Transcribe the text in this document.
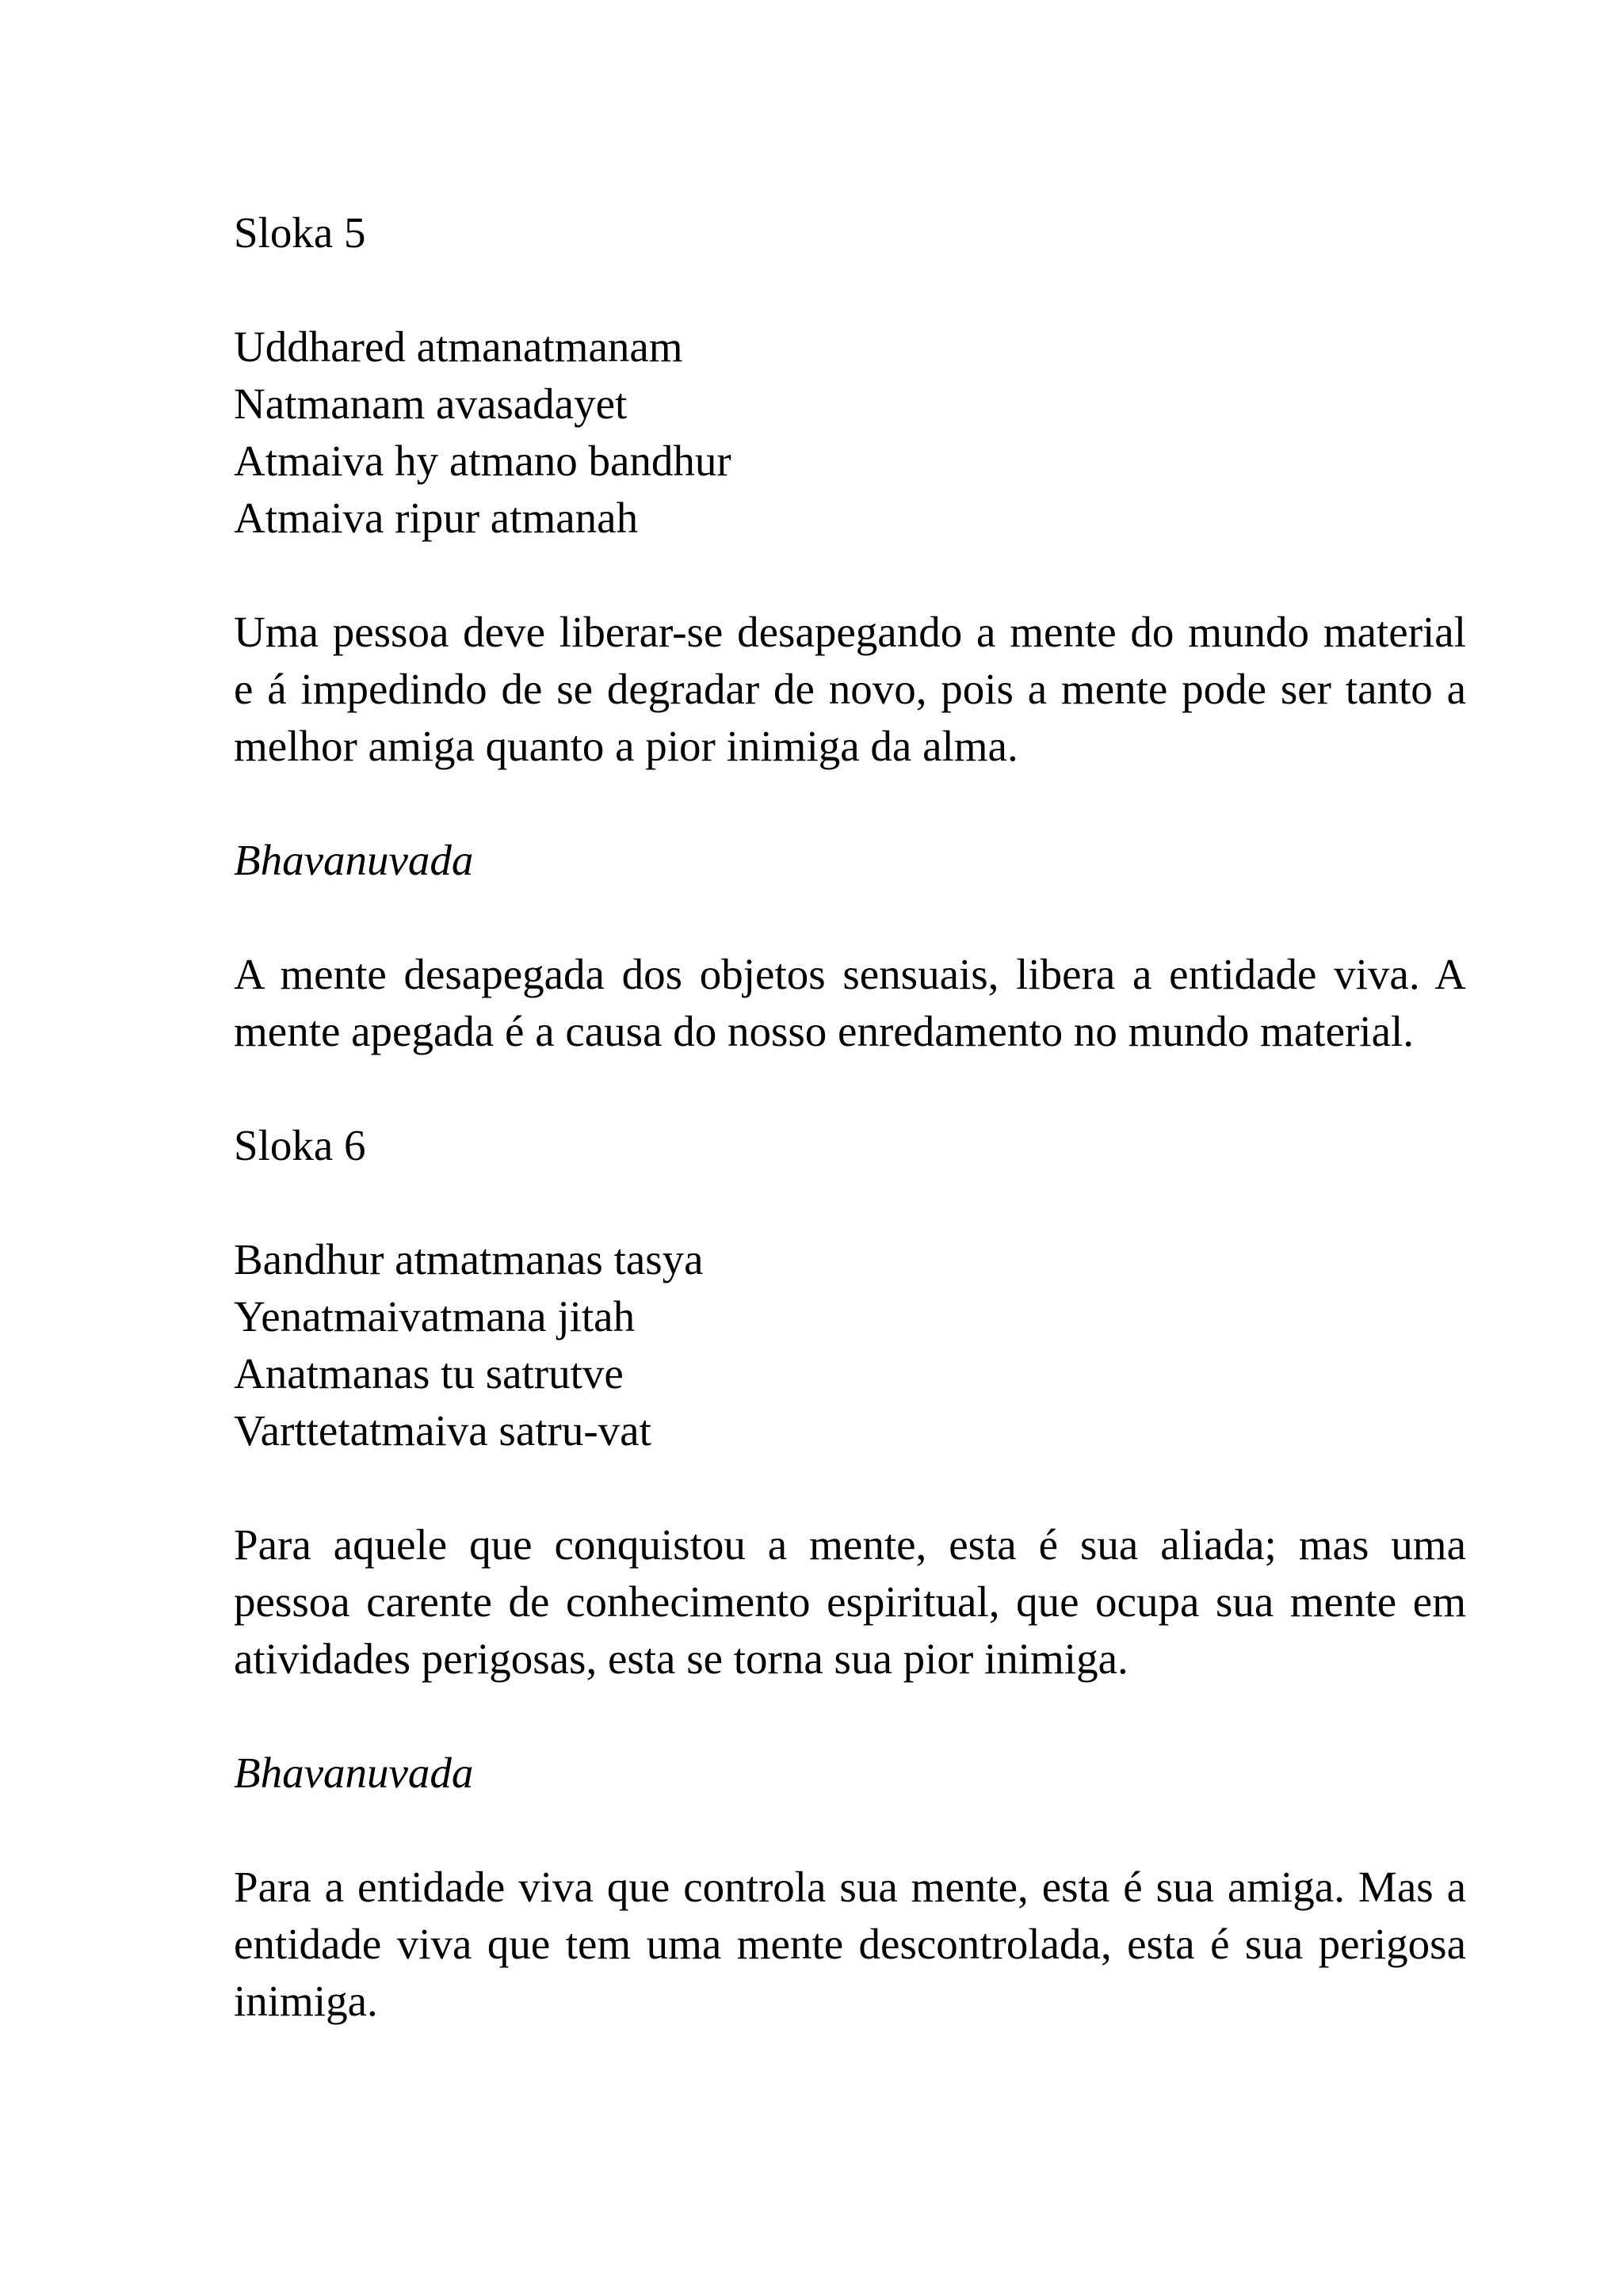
Sloka 5

Uddhared atmanatmanam
Natmanam avasadayet
Atmaiva hy atmano bandhur
Atmaiva ripur atmanah

Uma pessoa deve liberar-se desapegando a mente do mundo material e á impedindo de se degradar de novo, pois a mente pode ser tanto a melhor amiga quanto a pior inimiga da alma.

Bhavanuvada

A mente desapegada dos objetos sensuais, libera a entidade viva. A mente apegada é a causa do nosso enredamento no mundo material.

Sloka 6

Bandhur atmatmanas tasya
Yenatmaivatmana jitah
Anatmanas tu satrutve
Varttetatmaiva satru-vat

Para aquele que conquistou a mente, esta é sua aliada; mas uma pessoa carente de conhecimento espiritual, que ocupa sua mente em atividades perigosas, esta se torna sua pior inimiga.

Bhavanuvada

Para a entidade viva que controla sua mente, esta é sua amiga. Mas a entidade viva que tem uma mente descontrolada, esta é sua perigosa inimiga.
